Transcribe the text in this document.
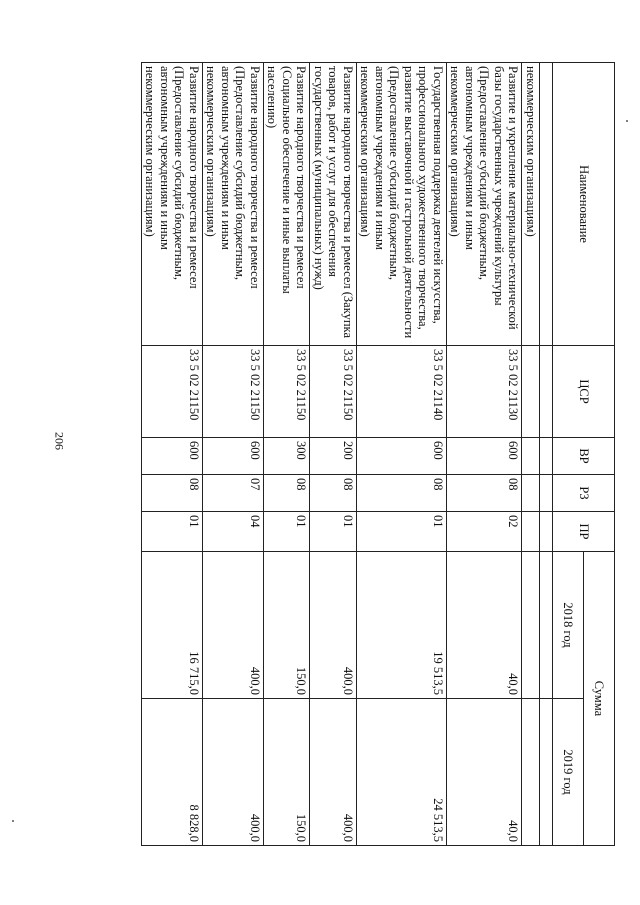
206
Наименование	ЦСР	ВР	РЗ	ПР	Сумма	
					2018 год	2019 год

некоммерческим организациям)						
Развитие и укрепление материально-технической базы государственных учреждений культуры (Предоставление субсидий бюджетным, автономным учреждениям и иным некоммерческим организациям)	33 5 02 21130	600	08	02	40,0	40,0
Государственная поддержка деятелей искусства, профессионального художественного творчества, развитие выставочной и гастрольной деятельности (Предоставление субсидий бюджетным, автономным учреждениям и иным некоммерческим организациям)	33 5 02 21140	600	08	01	19 513,5	24 513,5
Развитие народного творчества и ремесел (Закупка товаров, работ и услуг для обеспечения государственных (муниципальных) нужд)	33 5 02 21150	200	08	01	400,0	400,0
Развитие народного творчества и ремесел (Социальное обеспечение и иные выплаты населению)	33 5 02 21150	300	08	01	150,0	150,0
Развитие народного творчества и ремесел (Предоставление субсидий бюджетным, автономным учреждениям и иным некоммерческим организациям)	33 5 02 21150	600	07	04	400,0	400,0
Развитие народного творчества и ремесел (Предоставление субсидий бюджетным, автономным учреждениям и иным некоммерческим организациям)	33 5 02 21150	600	08	01	16 715,0	8 828,0
